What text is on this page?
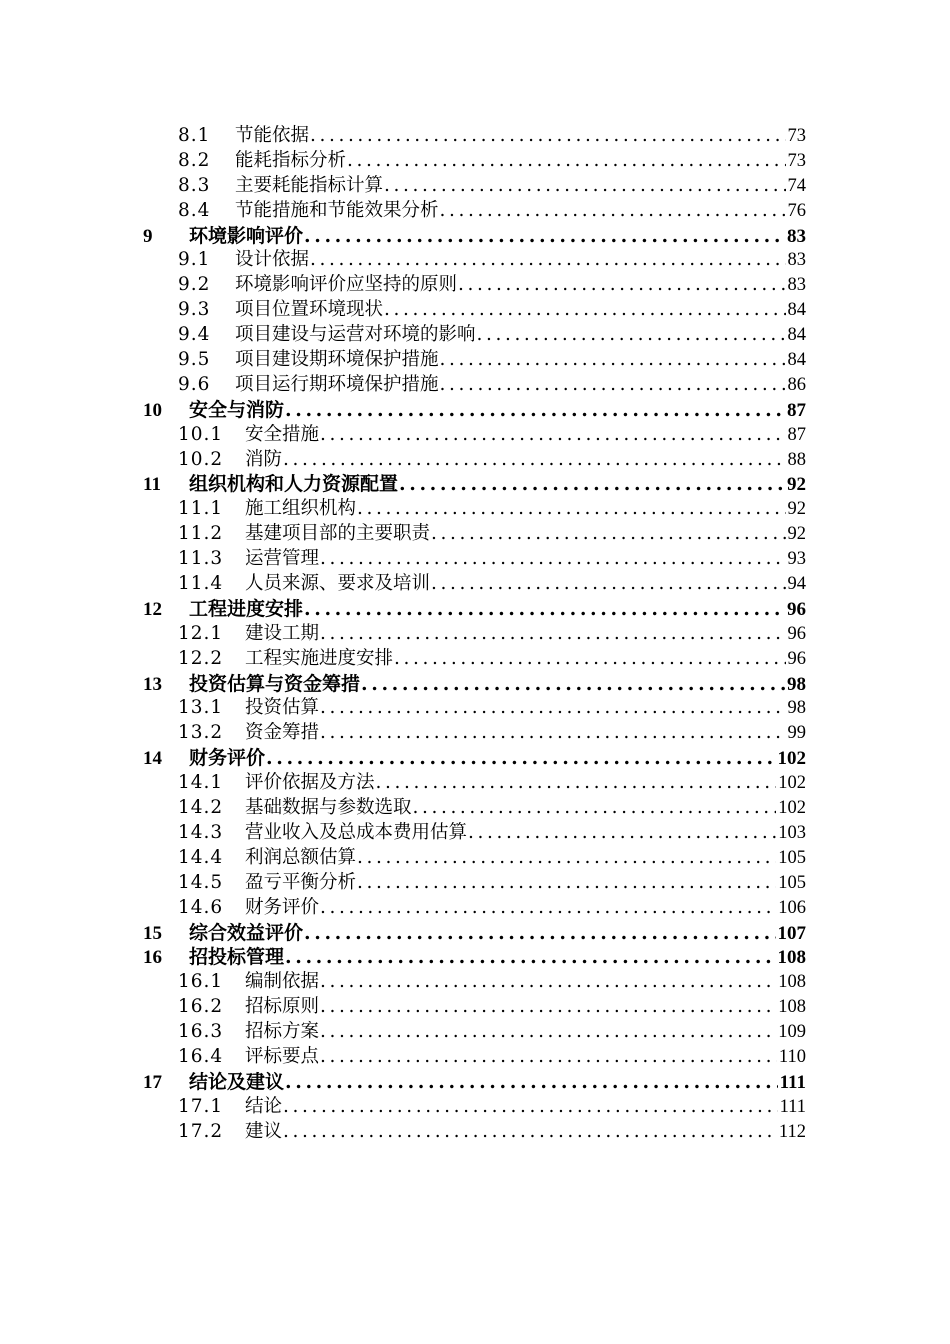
8.1	节能依据 .....	73
8.2	能耗指标分析 .....	73
8.3	主要耗能指标计算 .....	74
8.4	节能措施和节能效果分析 .....	76
9	环境影响评价 .....	83
9.1	设计依据 .....	83
9.2	环境影响评价应坚持的原则 .....	83
9.3	项目位置环境现状 .....	84
9.4	项目建设与运营对环境的影响 .....	84
9.5	项目建设期环境保护措施 .....	84
9.6	项目运行期环境保护措施 .....	86
10	安全与消防 .....	87
10.1	安全措施 .....	87
10.2	消防 .....	88
11	组织机构和人力资源配置 .....	92
11.1	施工组织机构 .....	92
11.2	基建项目部的主要职责 .....	92
11.3	运营管理 .....	93
11.4	人员来源、要求及培训 .....	94
12	工程进度安排 .....	96
12.1	建设工期 .....	96
12.2	工程实施进度安排 .....	96
13	投资估算与资金筹措 .....	98
13.1	投资估算 .....	98
13.2	资金筹措 .....	99
14	财务评价 .....	102
14.1	评价依据及方法 .....	102
14.2	基础数据与参数选取 .....	102
14.3	营业收入及总成本费用估算 .....	103
14.4	利润总额估算 .....	105
14.5	盈亏平衡分析 .....	105
14.6	财务评价 .....	106
15	综合效益评价 .....	107
16	招投标管理 .....	108
16.1	编制依据 .....	108
16.2	招标原则 .....	108
16.3	招标方案 .....	109
16.4	评标要点 .....	110
17	结论及建议 .....	111
17.1	结论 .....	111
17.2	建议 .....	112
